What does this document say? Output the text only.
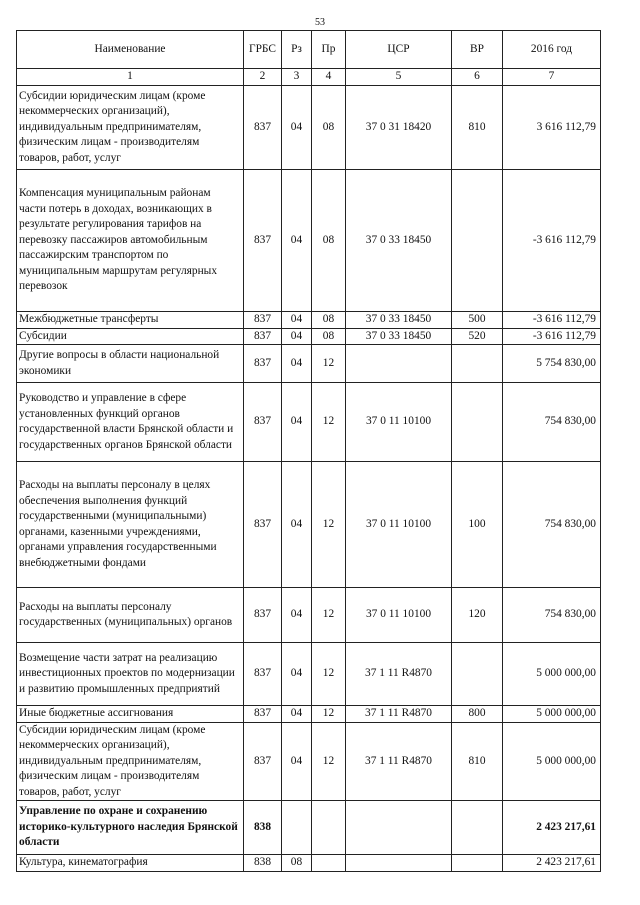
53
Наименование	ГРБС	Рз	Пр	ЦСР	ВР	2016 год
1	2	3	4	5	6	7
Субсидии юридическим лицам (кроме некоммерческих организаций), индивидуальным предпринимателям, физическим лицам - производителям товаров, работ, услуг	837	04	08	37 0 31 18420	810	3 616 112,79
Компенсация муниципальным районам части потерь в доходах, возникающих в результате регулирования тарифов на перевозку пассажиров автомобильным пассажирским транспортом по муниципальным маршрутам регулярных перевозок	837	04	08	37 0 33 18450		-3 616 112,79
Межбюджетные трансферты	837	04	08	37 0 33 18450	500	-3 616 112,79
Субсидии	837	04	08	37 0 33 18450	520	-3 616 112,79
Другие вопросы в области национальной экономики	837	04	12			5 754 830,00
Руководство и управление в сфере установленных функций органов государственной власти Брянской области и государственных органов Брянской области	837	04	12	37 0 11 10100		754 830,00
Расходы на выплаты персоналу в целях обеспечения выполнения функций государственными (муниципальными) органами, казенными учреждениями, органами управления государственными внебюджетными фондами	837	04	12	37 0 11 10100	100	754 830,00
Расходы на выплаты персоналу государственных (муниципальных) органов	837	04	12	37 0 11 10100	120	754 830,00
Возмещение части затрат на реализацию инвестиционных проектов по модернизации и развитию промышленных предприятий	837	04	12	37 1 11 R4870		5 000 000,00
Иные бюджетные ассигнования	837	04	12	37 1 11 R4870	800	5 000 000,00
Субсидии юридическим лицам (кроме некоммерческих организаций), индивидуальным предпринимателям, физическим лицам - производителям товаров, работ, услуг	837	04	12	37 1 11 R4870	810	5 000 000,00
Управление по охране и сохранению историко-культурного наследия Брянской области	838					2 423 217,61
Культура, кинематография	838	08				2 423 217,61
